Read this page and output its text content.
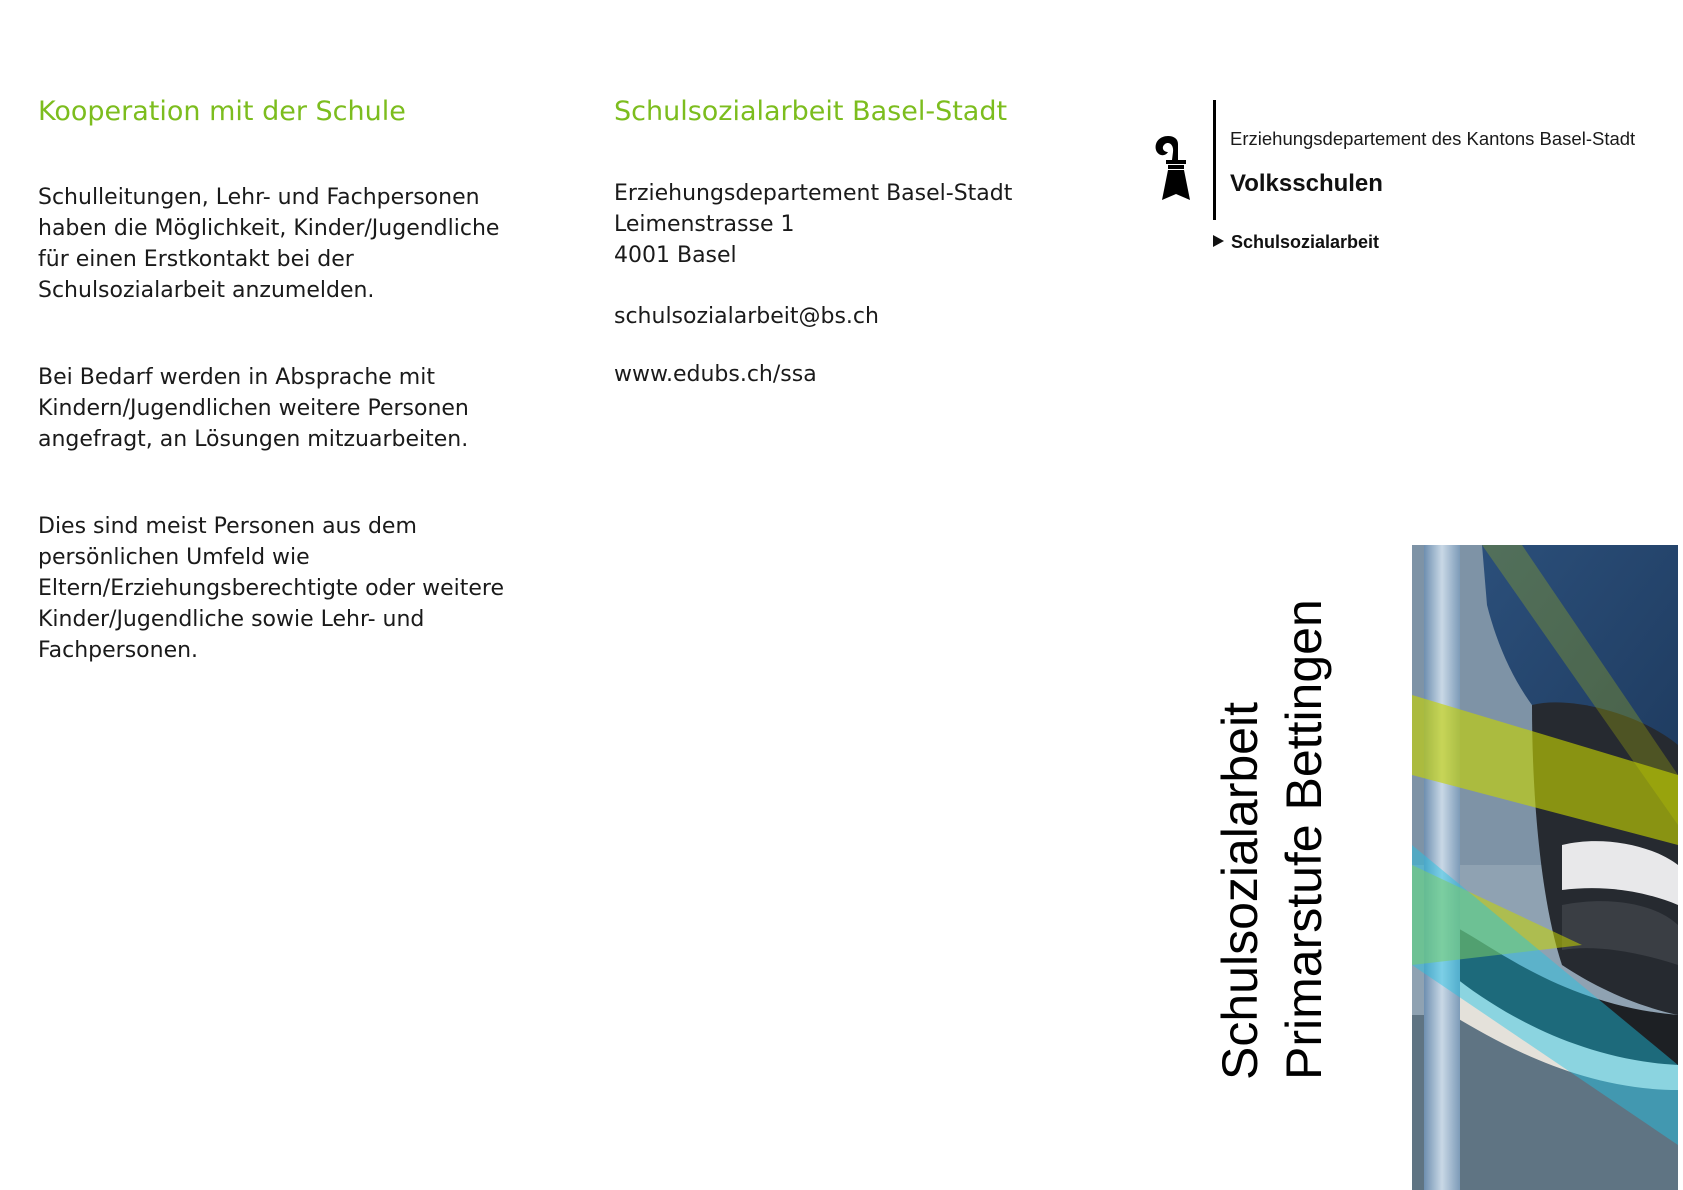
Kooperation mit der Schule

Schulleitungen, Lehr- und Fachpersonen haben die Möglichkeit, Kinder/Jugendliche für einen Erstkontakt bei der Schulsozialarbeit anzumelden.

Bei Bedarf werden in Absprache mit Kindern/Jugendlichen weitere Personen angefragt, an Lösungen mitzuarbeiten.

Dies sind meist Personen aus dem persönlichen Umfeld wie Eltern/Erziehungsberechtigte oder weitere Kinder/Jugendliche sowie Lehr- und Fachpersonen.

Schulsozialarbeit Basel-Stadt
Erziehungsdepartement Basel-Stadt
Leimenstrasse 1
4001 Basel
schulsozialarbeit@bs.ch
www.edubs.ch/ssa
Erziehungsdepartement des Kantons Basel-Stadt
Volksschulen
Schulsozialarbeit
Schulsozialarbeit Primarstufe Bettingen
